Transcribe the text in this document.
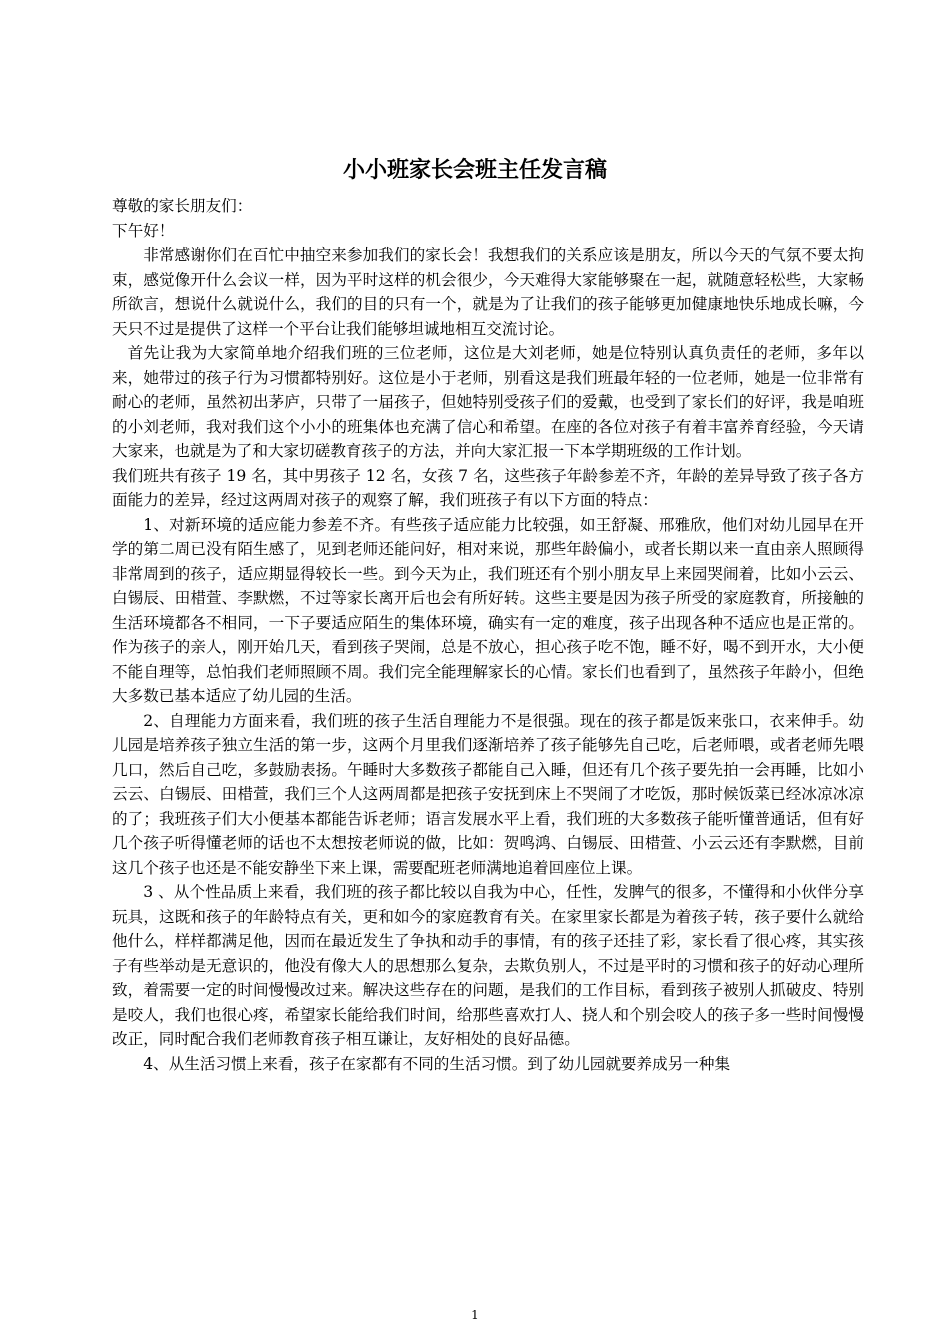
小小班家长会班主任发言稿

尊敬的家长朋友们：

下午好！

非常感谢你们在百忙中抽空来参加我们的家长会！我想我们的关系应该是朋友，所以今天的气氛不要太拘束，感觉像开什么会议一样，因为平时这样的机会很少，今天难得大家能够聚在一起，就随意轻松些，大家畅所欲言，想说什么就说什么，我们的目的只有一个，就是为了让我们的孩子能够更加健康地快乐地成长嘛，今天只不过是提供了这样一个平台让我们能够坦诚地相互交流讨论。

首先让我为大家简单地介绍我们班的三位老师，这位是大刘老师，她是位特别认真负责任的老师，多年以来，她带过的孩子行为习惯都特别好。这位是小于老师，别看这是我们班最年轻的一位老师，她是一位非常有耐心的老师，虽然初出茅庐，只带了一届孩子，但她特别受孩子们的爱戴，也受到了家长们的好评，我是咱班的小刘老师，我对我们这个小小的班集体也充满了信心和希望。在座的各位对孩子有着丰富养育经验，今天请大家来，也就是为了和大家切磋教育孩子的方法，并向大家汇报一下本学期班级的工作计划。

我们班共有孩子 19 名，其中男孩子 12 名，女孩 7 名，这些孩子年龄参差不齐，年龄的差异导致了孩子各方面能力的差异，经过这两周对孩子的观察了解，我们班孩子有以下方面的特点：

1、对新环境的适应能力参差不齐。有些孩子适应能力比较强，如王舒凝、邢雅欣，他们对幼儿园早在开学的第二周已没有陌生感了，见到老师还能问好，相对来说，那些年龄偏小，或者长期以来一直由亲人照顾得非常周到的孩子，适应期显得较长一些。到今天为止，我们班还有个别小朋友早上来园哭闹着，比如小云云、白锡辰、田棤萱、李默燃，不过等家长离开后也会有所好转。这些主要是因为孩子所受的家庭教育，所接触的生活环境都各不相同，一下子要适应陌生的集体环境，确实有一定的难度，孩子出现各种不适应也是正常的。作为孩子的亲人，刚开始几天，看到孩子哭闹，总是不放心，担心孩子吃不饱，睡不好，喝不到开水，大小便不能自理等，总怕我们老师照顾不周。我们完全能理解家长的心情。家长们也看到了，虽然孩子年龄小，但绝大多数已基本适应了幼儿园的生活。

2、自理能力方面来看，我们班的孩子生活自理能力不是很强。现在的孩子都是饭来张口，衣来伸手。幼儿园是培养孩子独立生活的第一步，这两个月里我们逐渐培养了孩子能够先自己吃，后老师喂，或者老师先喂几口，然后自己吃，多鼓励表扬。午睡时大多数孩子都能自己入睡，但还有几个孩子要先拍一会再睡，比如小云云、白锡辰、田棤萱，我们三个人这两周都是把孩子安抚到床上不哭闹了才吃饭，那时候饭菜已经冰凉冰凉的了；我班孩子们大小便基本都能告诉老师；语言发展水平上看，我们班的大多数孩子能听懂普通话，但有好几个孩子听得懂老师的话也不太想按老师说的做，比如：贺鸣鸿、白锡辰、田棤萱、小云云还有李默燃，目前这几个孩子也还是不能安静坐下来上课，需要配班老师满地追着回座位上课。

3 、从个性品质上来看，我们班的孩子都比较以自我为中心，任性，发脾气的很多，不懂得和小伙伴分享玩具，这既和孩子的年龄特点有关，更和如今的家庭教育有关。在家里家长都是为着孩子转，孩子要什么就给他什么，样样都满足他，因而在最近发生了争执和动手的事情，有的孩子还挂了彩，家长看了很心疼，其实孩子有些举动是无意识的，他没有像大人的思想那么复杂，去欺负别人，不过是平时的习惯和孩子的好动心理所致，着需要一定的时间慢慢改过来。解决这些存在的问题，是我们的工作目标，看到孩子被别人抓破皮、特别是咬人，我们也很心疼，希望家长能给我们时间，给那些喜欢打人、挠人和个别会咬人的孩子多一些时间慢慢改正，同时配合我们老师教育孩子相互谦让，友好相处的良好品德。

4、从生活习惯上来看，孩子在家都有不同的生活习惯。到了幼儿园就要养成另一种集

1
